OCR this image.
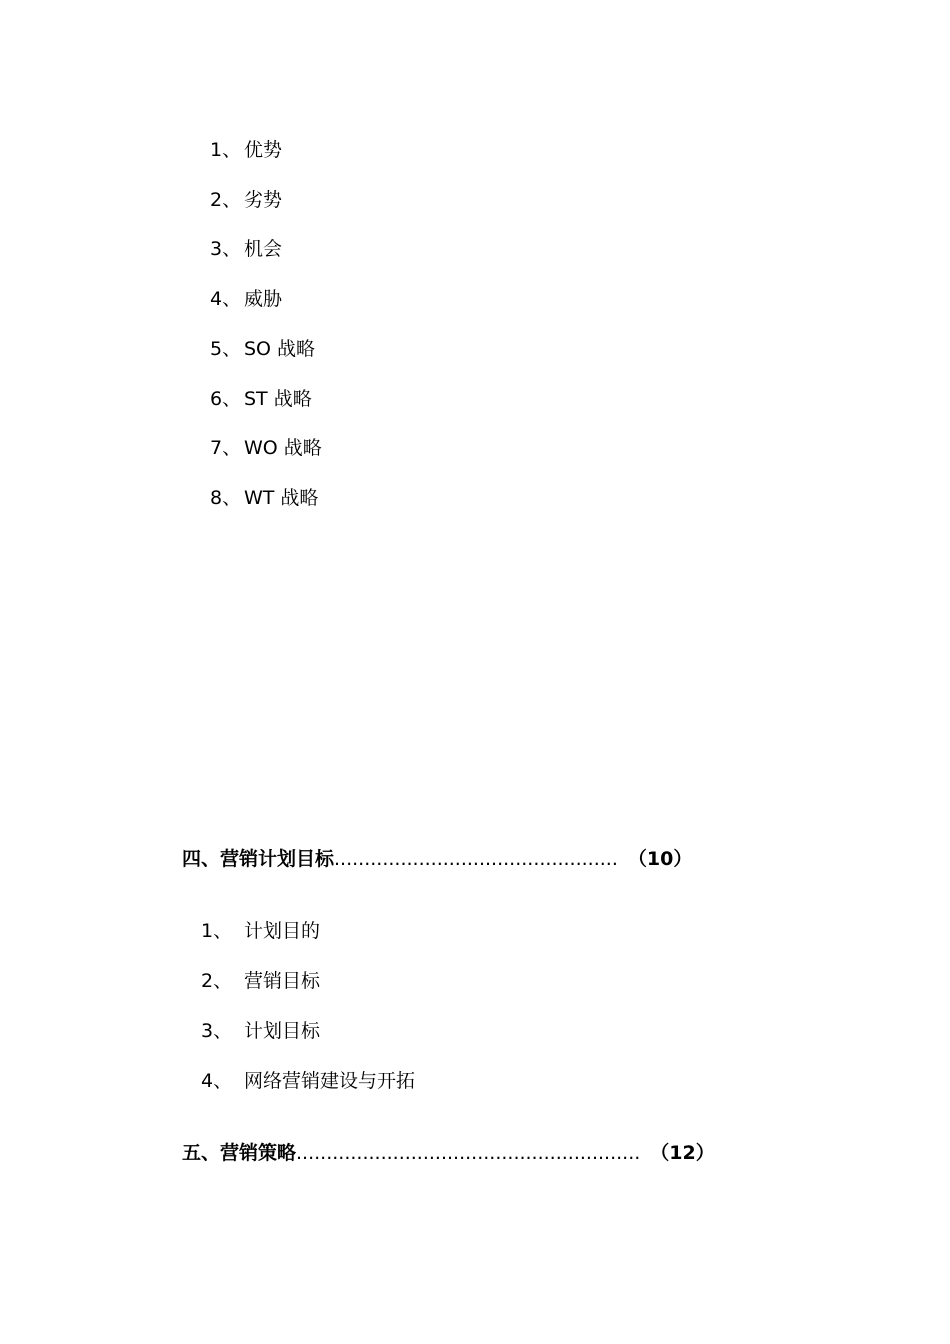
1、 优势
2、 劣势
3、 机会
4、 威胁
5、 SO 战略
6、 ST 战略
7、 WO 战略
8、 WT 战略
四、营销计划目标 ............................................... （10）
1、 计划目的
2、 营销目标
3、 计划目标
4、 网络营销建设与开拓
五、营销策略 ......................................................... （12）
